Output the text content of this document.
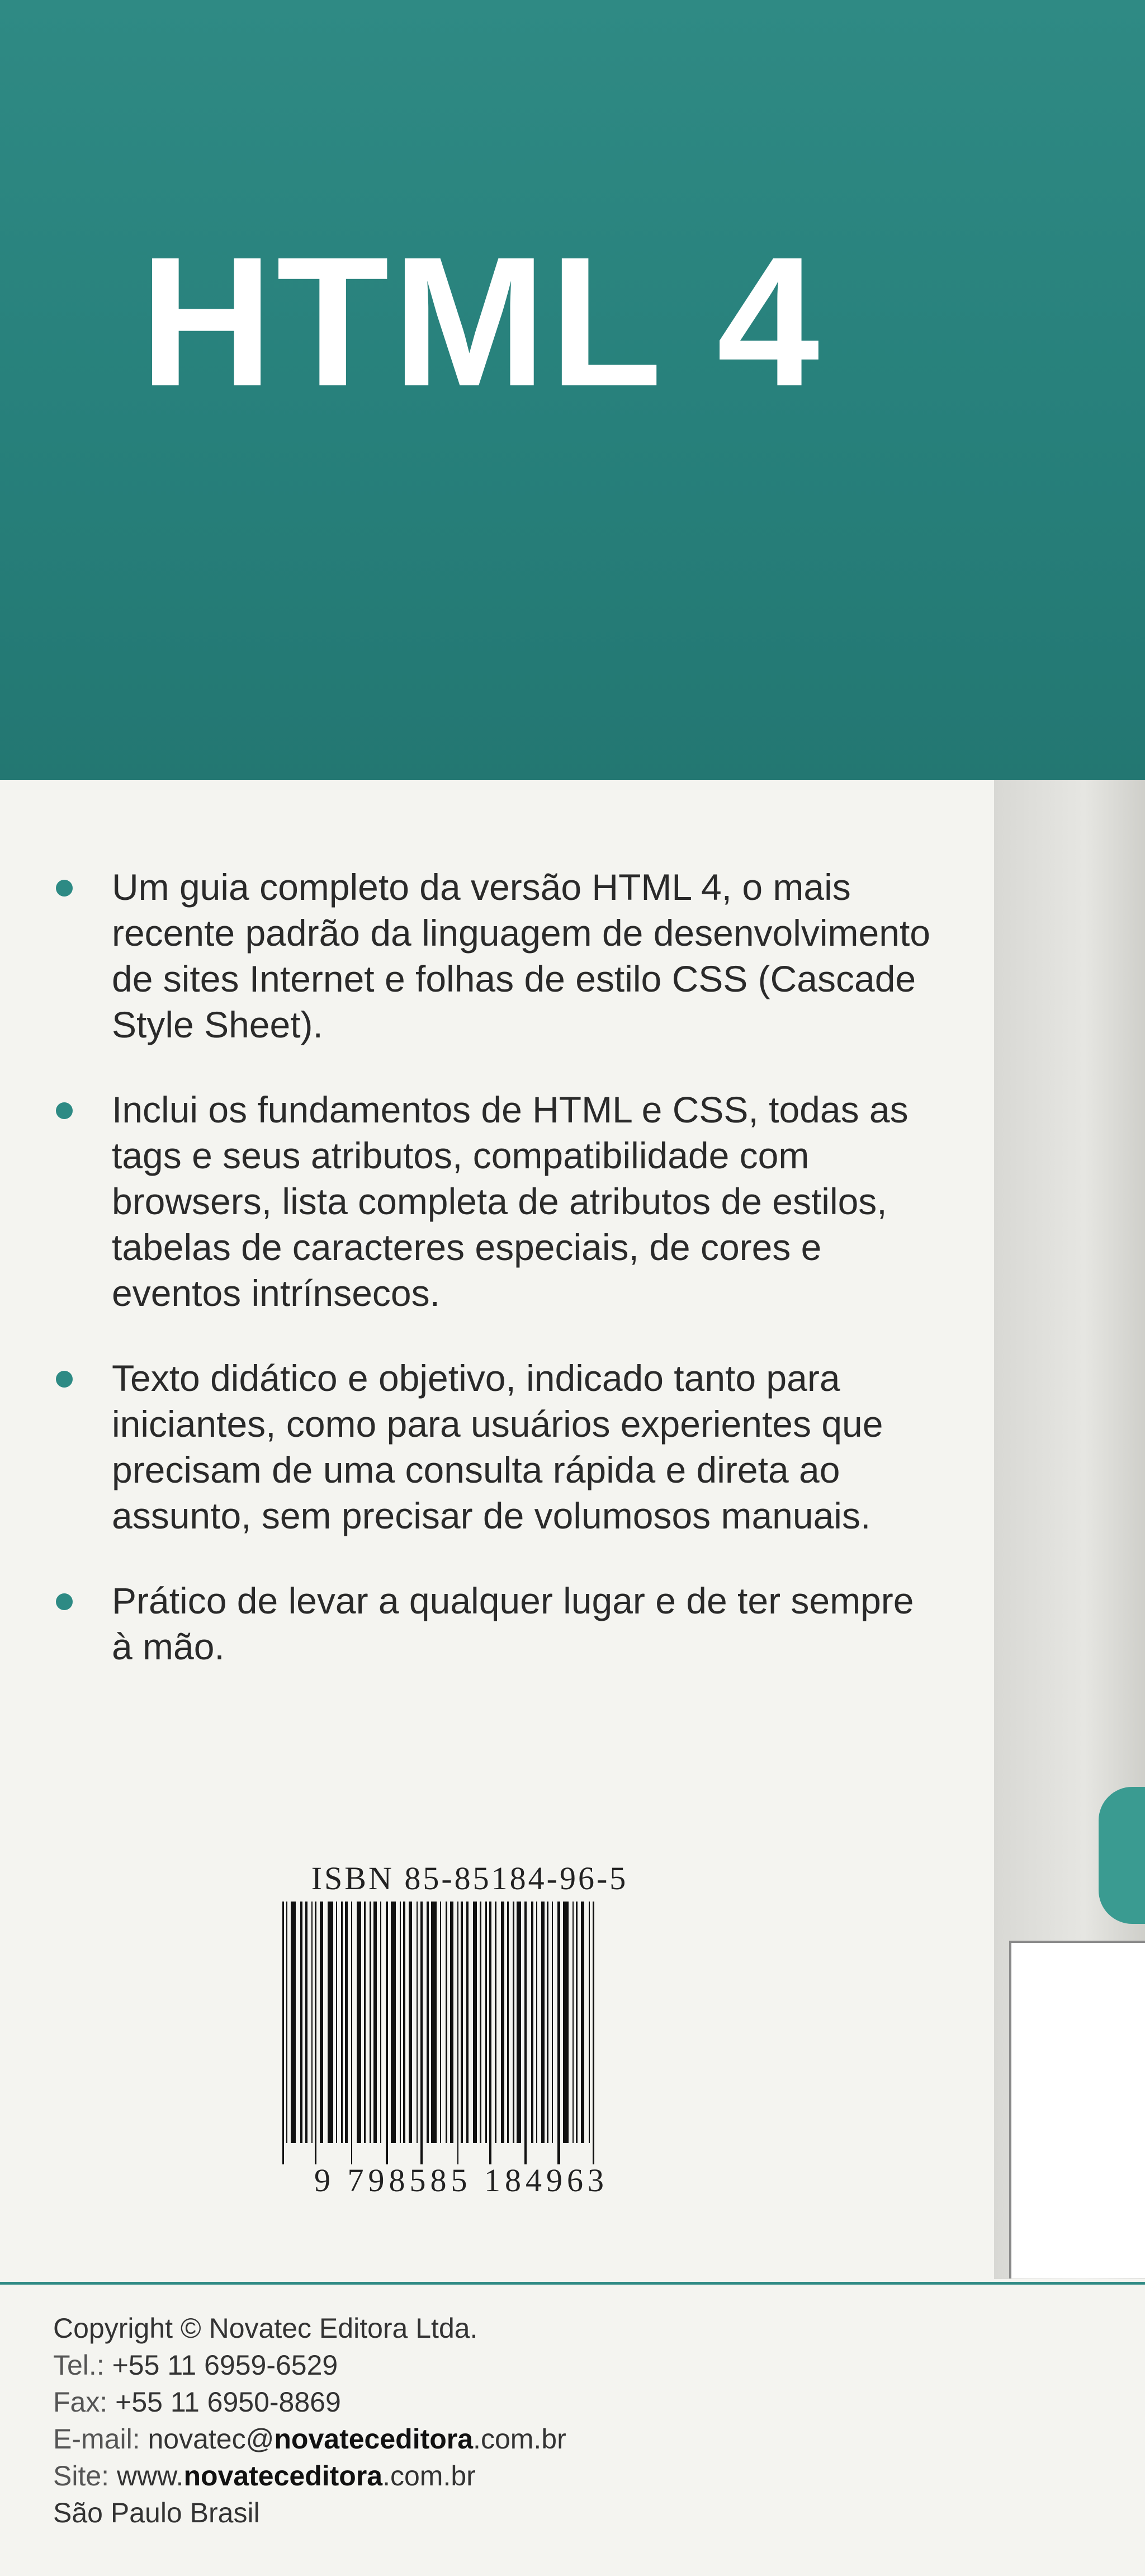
HTML 4
Um guia completo da versão HTML 4, o mais recente padrão da linguagem de desenvolvimento de sites Internet e folhas de estilo CSS (Cascade Style Sheet).
Inclui os fundamentos de HTML e CSS, todas as tags e seus atributos, compatibilidade com browsers, lista completa de atributos de estilos, tabelas de caracteres especiais, de cores e eventos intrínsecos.
Texto didático e objetivo, indicado tanto para iniciantes, como para usuários experientes que precisam de uma consulta rápida e direta ao assunto, sem precisar de volumosos manuais.
Prático de levar a qualquer lugar e de ter sempre à mão.
ISBN 85-85184-96-5
9 798585 184963
Copyright © Novatec Editora Ltda.
Tel.: +55 11 6959-6529
Fax: +55 11 6950-8869
E-mail: novatec@novateceditora.com.br
Site: www.novateceditora.com.br
São Paulo Brasil
